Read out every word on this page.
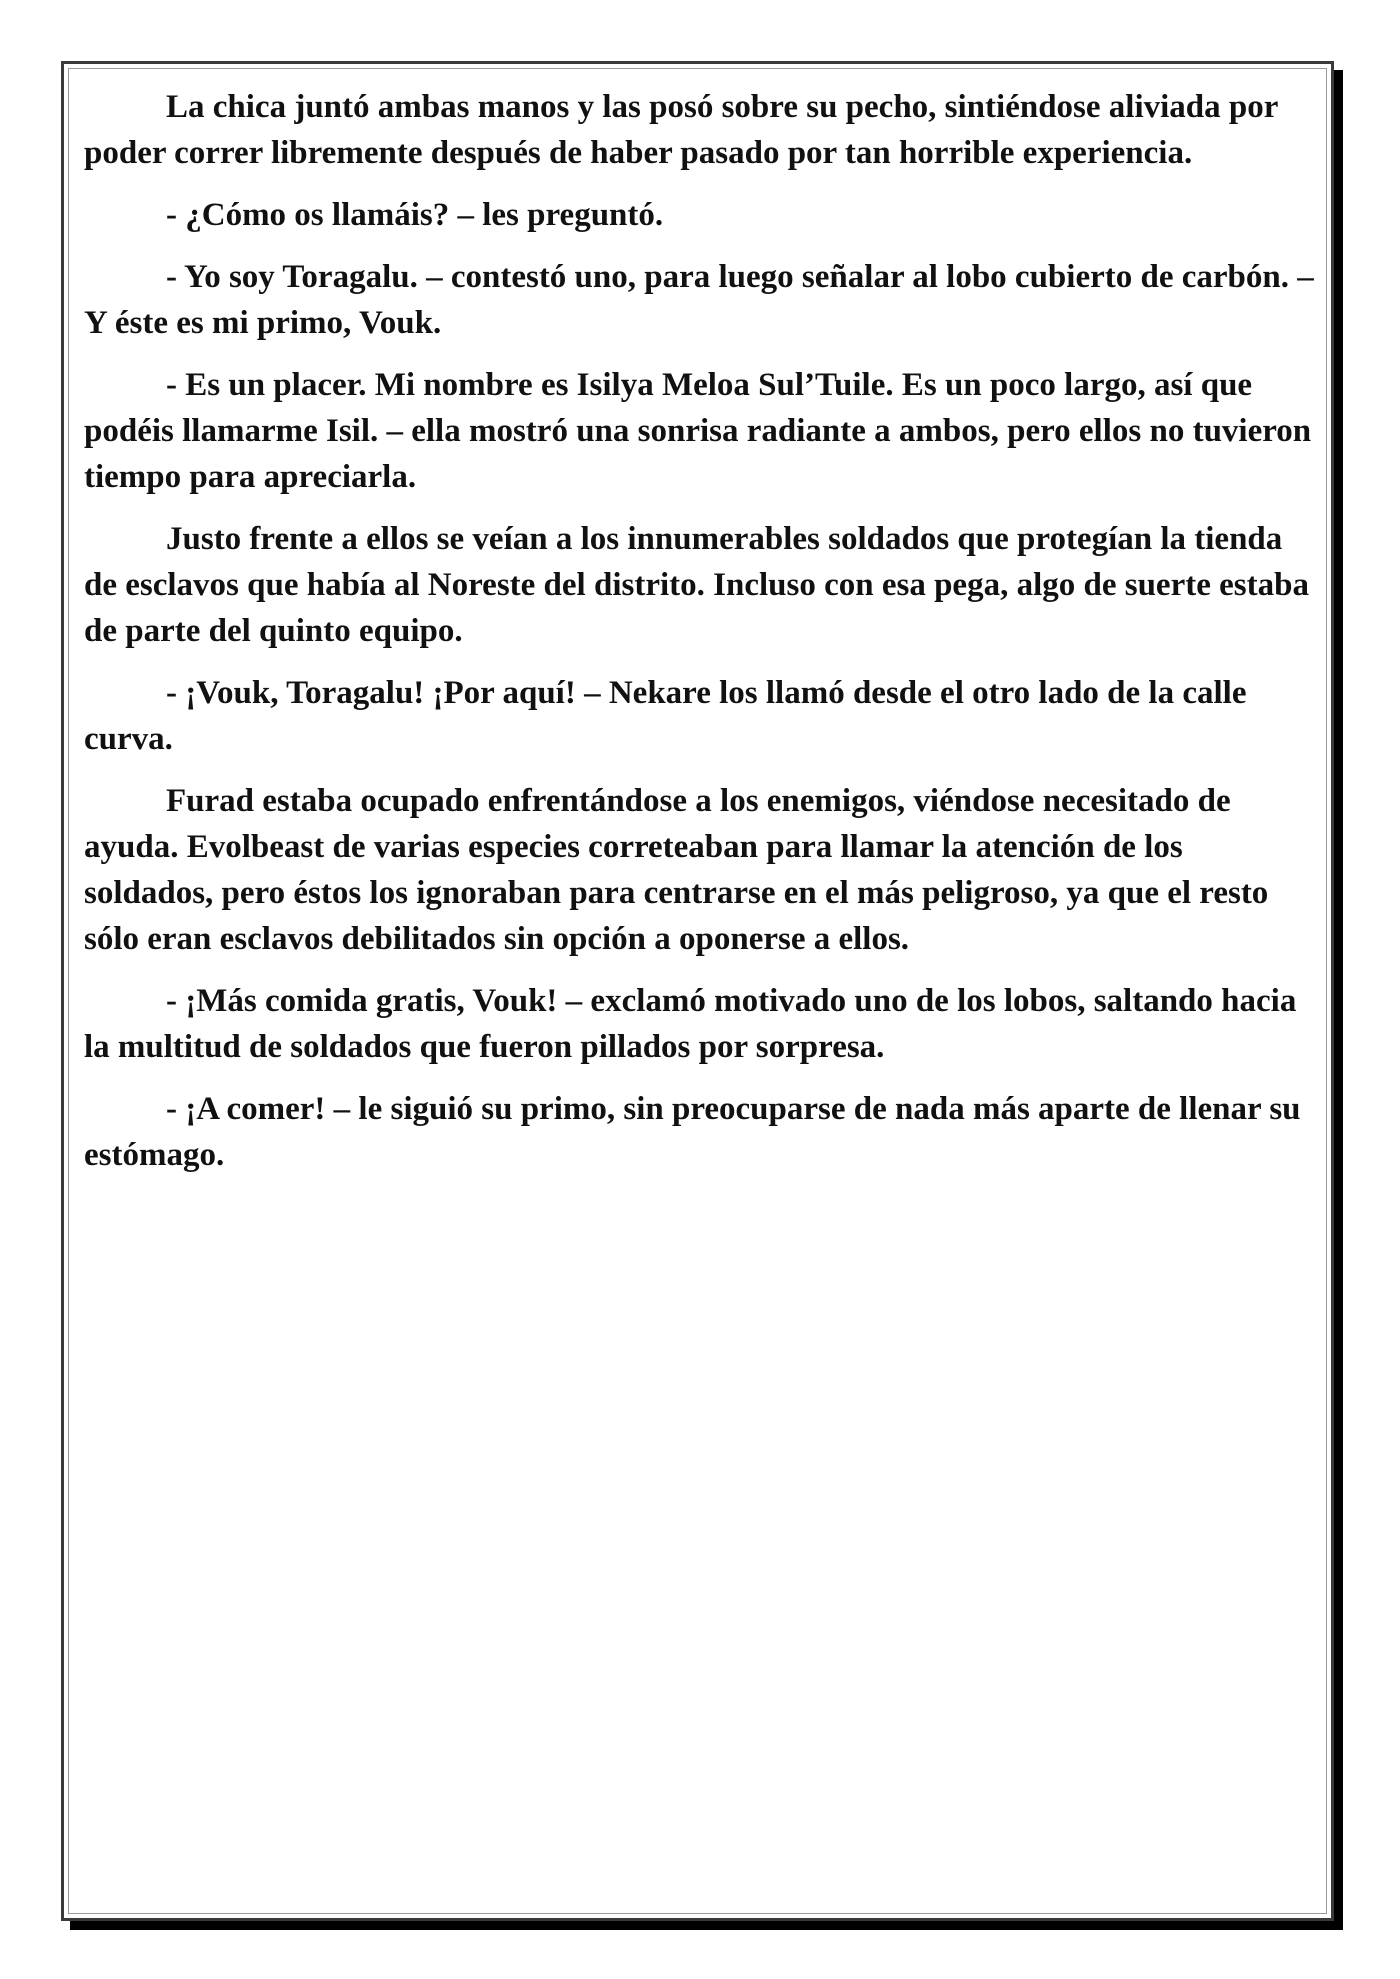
La chica juntó ambas manos y las posó sobre su pecho, sintiéndose aliviada por poder correr libremente después de haber pasado por tan horrible experiencia.

- ¿Cómo os llamáis? – les preguntó.

- Yo soy Toragalu. – contestó uno, para luego señalar al lobo cubierto de carbón. – Y éste es mi primo, Vouk.

- Es un placer. Mi nombre es Isilya Meloa Sul’Tuile. Es un poco largo, así que podéis llamarme Isil. – ella mostró una sonrisa radiante a ambos, pero ellos no tuvieron tiempo para apreciarla.

Justo frente a ellos se veían a los innumerables soldados que protegían la tienda de esclavos que había al Noreste del distrito. Incluso con esa pega, algo de suerte estaba de parte del quinto equipo.

- ¡Vouk, Toragalu! ¡Por aquí! – Nekare los llamó desde el otro lado de la calle curva.

Furad estaba ocupado enfrentándose a los enemigos, viéndose necesitado de ayuda. Evolbeast de varias especies correteaban para llamar la atención de los soldados, pero éstos los ignoraban para centrarse en el más peligroso, ya que el resto sólo eran esclavos debilitados sin opción a oponerse a ellos.

- ¡Más comida gratis, Vouk! – exclamó motivado uno de los lobos, saltando hacia la multitud de soldados que fueron pillados por sorpresa.

- ¡A comer! – le siguió su primo, sin preocuparse de nada más aparte de llenar su estómago.
